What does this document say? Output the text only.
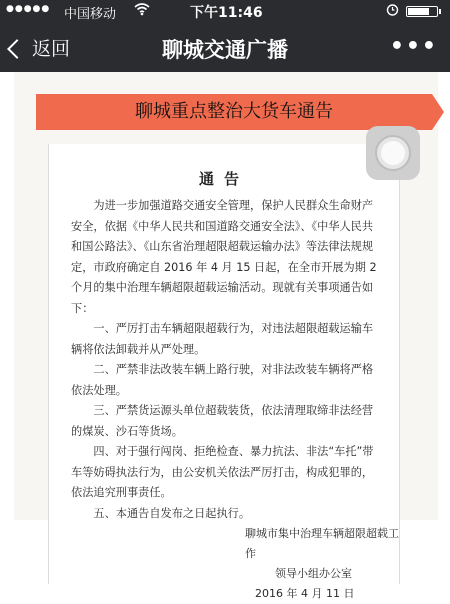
●●●●● 中国移动	下午11:46
返回	聊城交通广播	•••
聊城重点整治大货车通告
通告

为进一步加强道路交通安全管理，保护人民群众生命财产安全，依据《中华人民共和国道路交通安全法》、《中华人民共和国公路法》、《山东省治理超限超载运输办法》等法律法规规定，市政府确定自 2016 年 4 月 15 日起，在全市开展为期 2 个月的集中治理车辆超限超载运输活动。现就有关事项通告如下：

一、严厉打击车辆超限超载行为，对违法超限超载运输车辆将依法卸载并从严处理。

二、严禁非法改装车辆上路行驶，对非法改装车辆将严格依法处理。

三、严禁货运源头单位超载装货，依法清理取缔非法经营的煤炭、沙石等货场。

四、对于强行闯岗、拒绝检查、暴力抗法、非法“车托”带车等妨碍执法行为，由公安机关依法严厉打击，构成犯罪的，依法追究刑事责任。

五、本通告自发布之日起执行。

聊城市集中治理车辆超限超载工作
领导小组办公室
2016 年 4 月 11 日
